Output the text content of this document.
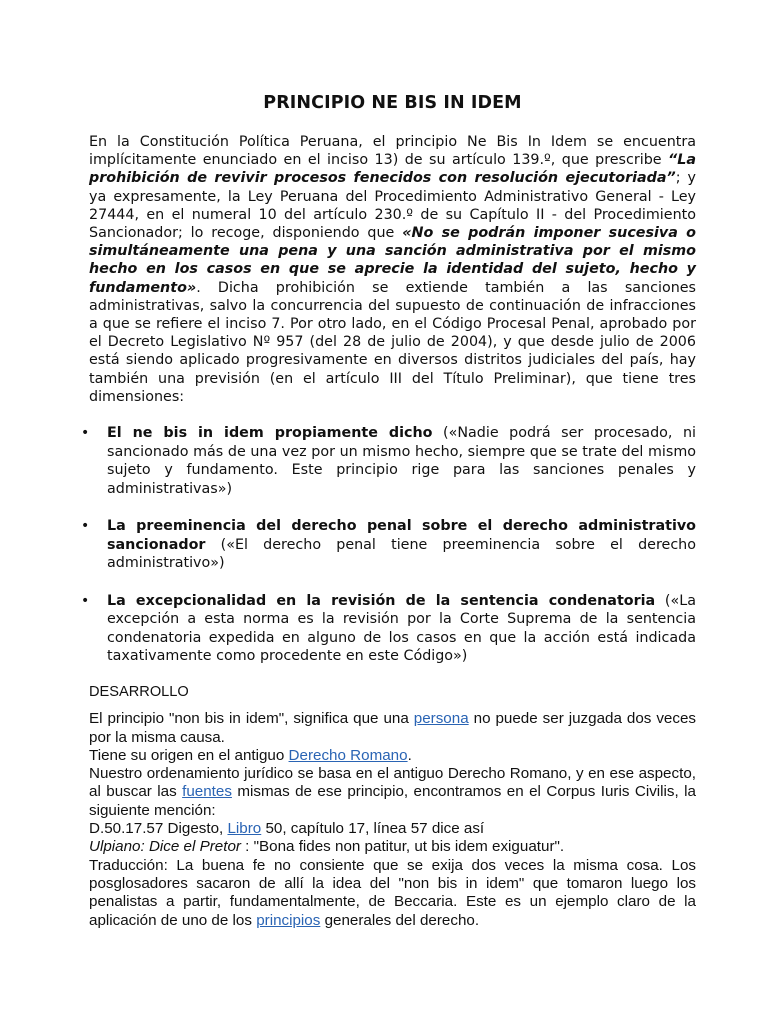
PRINCIPIO NE BIS IN IDEM

En la Constitución Política Peruana, el principio Ne Bis In Idem se encuentra implícitamente enunciado en el inciso 13) de su artículo 139.º, que prescribe “La prohibición de revivir procesos fenecidos con resolución ejecutoriada”; y ya expresamente, la Ley Peruana del Procedimiento Administrativo General - Ley 27444, en el numeral 10 del artículo 230.º de su Capítulo II - del Procedimiento Sancionador; lo recoge, disponiendo que «No se podrán imponer sucesiva o simultáneamente una pena y una sanción administrativa por el mismo hecho en los casos en que se aprecie la identidad del sujeto, hecho y fundamento». Dicha prohibición se extiende también a las sanciones administrativas, salvo la concurrencia del supuesto de continuación de infracciones a que se refiere el inciso 7. Por otro lado, en el Código Procesal Penal, aprobado por el Decreto Legislativo Nº 957 (del 28 de julio de 2004), y que desde julio de 2006 está siendo aplicado progresivamente en diversos distritos judiciales del país, hay también una previsión (en el artículo III del Título Preliminar), que tiene tres dimensiones:

• El ne bis in idem propiamente dicho («Nadie podrá ser procesado, ni sancionado más de una vez por un mismo hecho, siempre que se trate del mismo sujeto y fundamento. Este principio rige para las sanciones penales y administrativas»)
• La preeminencia del derecho penal sobre el derecho administrativo sancionador («El derecho penal tiene preeminencia sobre el derecho administrativo»)
• La excepcionalidad en la revisión de la sentencia condenatoria («La excepción a esta norma es la revisión por la Corte Suprema de la sentencia condenatoria expedida en alguno de los casos en que la acción está indicada taxativamente como procedente en este Código»)
DESARROLLO

El principio "non bis in idem", significa que una persona no puede ser juzgada dos veces por la misma causa.

Tiene su origen en el antiguo Derecho Romano.

Nuestro ordenamiento jurídico se basa en el antiguo Derecho Romano, y en ese aspecto, al buscar las fuentes mismas de ese principio, encontramos en el Corpus Iuris Civilis, la siguiente mención:

D.50.17.57 Digesto, Libro 50, capítulo 17, línea 57 dice así

Ulpiano: Dice el Pretor : "Bona fides non patitur, ut bis idem exiguatur".

Traducción: La buena fe no consiente que se exija dos veces la misma cosa. Los posglosadores sacaron de allí la idea del "non bis in idem" que tomaron luego los penalistas a partir, fundamentalmente, de Beccaria. Este es un ejemplo claro de la aplicación de uno de los principios generales del derecho.
